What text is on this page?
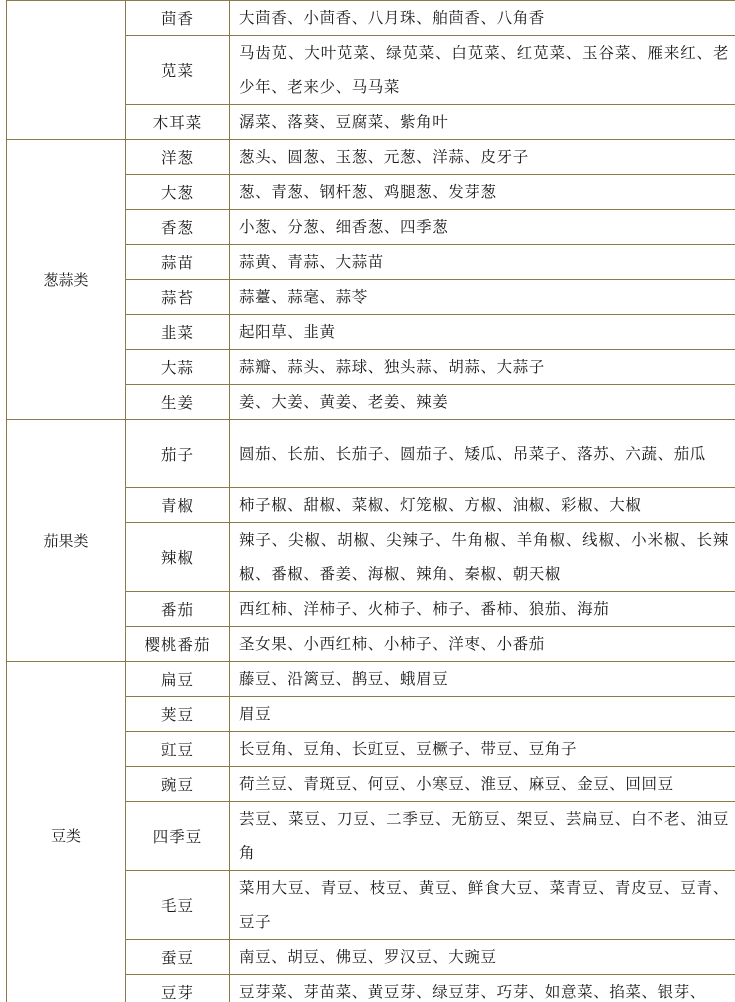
	茴香	大茴香、小茴香、八月珠、舶茴香、八角香
	苋菜	马齿苋、大叶苋菜、绿苋菜、白苋菜、红苋菜、玉谷菜、雁来红、老少年、老来少、马马菜
	木耳菜	潺菜、落葵、豆腐菜、紫角叶
葱蒜类	洋葱	葱头、圆葱、玉葱、元葱、洋蒜、皮牙子
	大葱	葱、青葱、钢杆葱、鸡腿葱、发芽葱
	香葱	小葱、分葱、细香葱、四季葱
	蒜苗	蒜黄、青蒜、大蒜苗
	蒜苔	蒜薹、蒜毫、蒜苓
	韭菜	起阳草、韭黄
	大蒜	蒜瓣、蒜头、蒜球、独头蒜、胡蒜、大蒜子
	生姜	姜、大姜、黄姜、老姜、辣姜
茄果类	茄子	圆茄、长茄、长茄子、圆茄子、矮瓜、吊菜子、落苏、六蔬、茄瓜
	青椒	柿子椒、甜椒、菜椒、灯笼椒、方椒、油椒、彩椒、大椒
	辣椒	辣子、尖椒、胡椒、尖辣子、牛角椒、羊角椒、线椒、小米椒、长辣椒、番椒、番姜、海椒、辣角、秦椒、朝天椒
	番茄	西红柿、洋柿子、火柿子、柿子、番柿、狼茄、海茄
	樱桃番茄	圣女果、小西红柿、小柿子、洋枣、小番茄
豆类	扁豆	藤豆、沿篱豆、鹊豆、蛾眉豆
	荚豆	眉豆
	豇豆	长豆角、豆角、长豇豆、豆橛子、带豆、豆角子
	豌豆	荷兰豆、青斑豆、何豆、小寒豆、淮豆、麻豆、金豆、回回豆
	四季豆	芸豆、菜豆、刀豆、二季豆、无筋豆、架豆、芸扁豆、白不老、油豆角
	毛豆	菜用大豆、青豆、枝豆、黄豆、鲜食大豆、菜青豆、青皮豆、豆青、豆子
	蚕豆	南豆、胡豆、佛豆、罗汉豆、大豌豆
	豆芽	豆芽菜、芽苗菜、黄豆芽、绿豆芽、巧芽、如意菜、掐菜、银芽、
